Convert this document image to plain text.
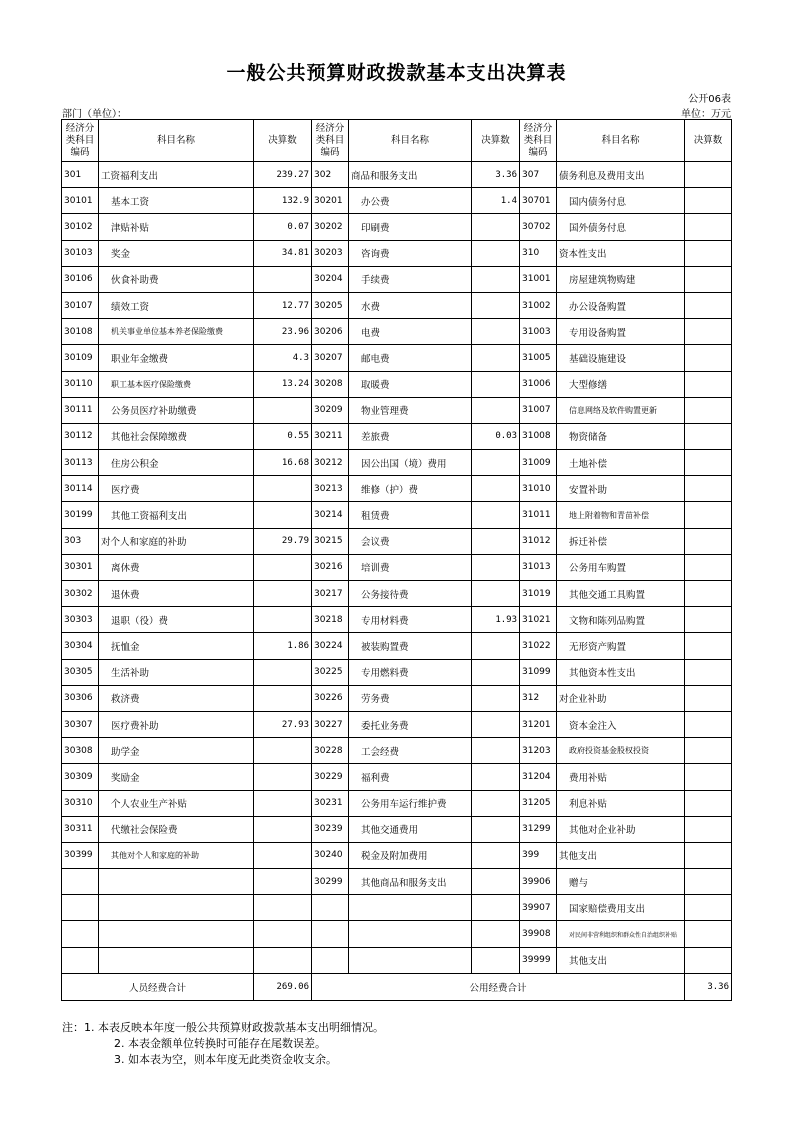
一般公共预算财政拨款基本支出决算表
公开06表
部门（单位）：	单位：万元
经济分类科目编码	科目名称	决算数	经济分类科目编码	科目名称	决算数	经济分类科目编码	科目名称	决算数
301	工资福利支出	239.27	302	商品和服务支出	3.36	307	债务利息及费用支出	
30101	基本工资	132.9	30201	办公费	1.4	30701	国内债务付息	
30102	津贴补贴	0.07	30202	印刷费		30702	国外债务付息	
30103	奖金	34.81	30203	咨询费		310	资本性支出	
30106	伙食补助费		30204	手续费		31001	房屋建筑物购建	
30107	绩效工资	12.77	30205	水费		31002	办公设备购置	
30108	机关事业单位基本养老保险缴费	23.96	30206	电费		31003	专用设备购置	
30109	职业年金缴费	4.3	30207	邮电费		31005	基础设施建设	
30110	职工基本医疗保险缴费	13.24	30208	取暖费		31006	大型修缮	
30111	公务员医疗补助缴费		30209	物业管理费		31007	信息网络及软件购置更新	
30112	其他社会保障缴费	0.55	30211	差旅费	0.03	31008	物资储备	
30113	住房公积金	16.68	30212	因公出国（境）费用		31009	土地补偿	
30114	医疗费		30213	维修（护）费		31010	安置补助	
30199	其他工资福利支出		30214	租赁费		31011	地上附着物和青苗补偿	
303	对个人和家庭的补助	29.79	30215	会议费		31012	拆迁补偿	
30301	离休费		30216	培训费		31013	公务用车购置	
30302	退休费		30217	公务接待费		31019	其他交通工具购置	
30303	退职（役）费		30218	专用材料费	1.93	31021	文物和陈列品购置	
30304	抚恤金	1.86	30224	被装购置费		31022	无形资产购置	
30305	生活补助		30225	专用燃料费		31099	其他资本性支出	
30306	救济费		30226	劳务费		312	对企业补助	
30307	医疗费补助	27.93	30227	委托业务费		31201	资本金注入	
30308	助学金		30228	工会经费		31203	政府投资基金股权投资	
30309	奖励金		30229	福利费		31204	费用补贴	
30310	个人农业生产补贴		30231	公务用车运行维护费		31205	利息补贴	
30311	代缴社会保险费		30239	其他交通费用		31299	其他对企业补助	
30399	其他对个人和家庭的补助		30240	税金及附加费用		399	其他支出	
			30299	其他商品和服务支出		39906	赠与	
						39907	国家赔偿费用支出	
						39908	对民间非营利组织和群众性自治组织补贴	
						39999	其他支出	
人员经费合计		269.06	公用经费合计					3.36
注：1. 本表反映本年度一般公共预算财政拨款基本支出明细情况。
2. 本表金额单位转换时可能存在尾数误差。
3. 如本表为空，则本年度无此类资金收支余。
